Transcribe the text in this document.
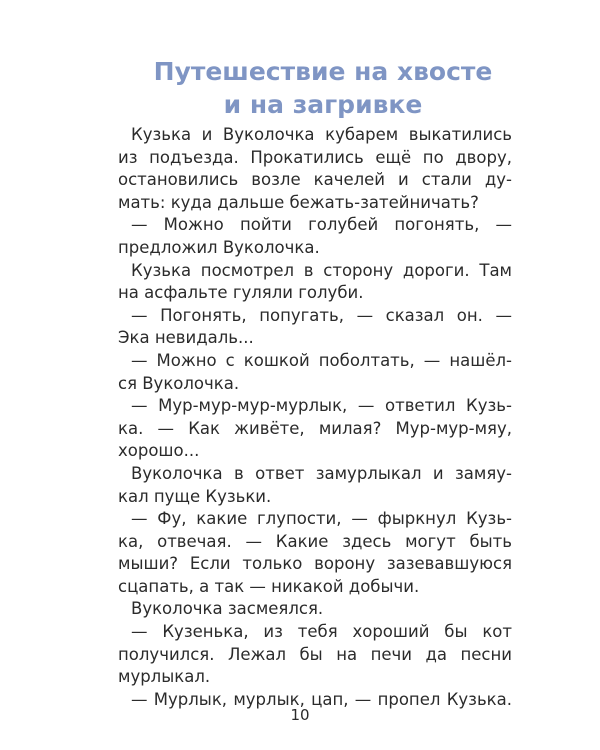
Путешествие на хвосте
и на загривке
Кузька и Вуколочка кубарем выкатились
из подъезда. Прокатились ещё по двору,
остановились возле качелей и стали ду-
мать: куда дальше бежать-затейничать?
— Можно пойти голубей погонять, —
предложил Вуколочка.
Кузька посмотрел в сторону дороги. Там
на асфальте гуляли голуби.
— Погонять, попугать, — сказал он. —
Эка невидаль...
— Можно с кошкой поболтать, — нашёл-
ся Вуколочка.
— Мур-мур-мур-мурлык, — ответил Кузь-
ка. — Как живёте, милая? Мур-мур-мяу,
хорошо...
Вуколочка в ответ замурлыкал и замяу-
кал пуще Кузьки.
— Фу, какие глупости, — фыркнул Кузь-
ка, отвечая. — Какие здесь могут быть
мыши? Если только ворону зазевавшуюся
сцапать, а так — никакой добычи.
Вуколочка засмеялся.
— Кузенька, из тебя хороший бы кот
получился. Лежал бы на печи да песни
мурлыкал.
— Мурлык, мурлык, цап, — пропел Кузька.
10
